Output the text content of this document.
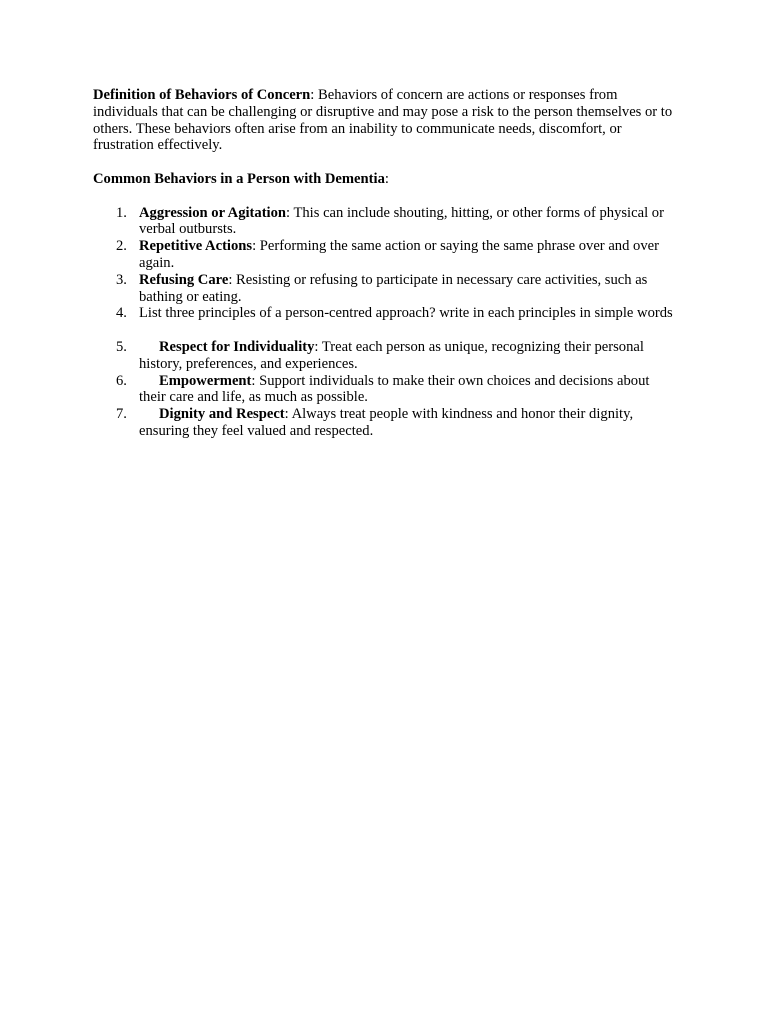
Definition of Behaviors of Concern: Behaviors of concern are actions or responses from individuals that can be challenging or disruptive and may pose a risk to the person themselves or to others. These behaviors often arise from an inability to communicate needs, discomfort, or frustration effectively.

Common Behaviors in a Person with Dementia:

1. Aggression or Agitation: This can include shouting, hitting, or other forms of physical or verbal outbursts.
2. Repetitive Actions: Performing the same action or saying the same phrase over and over again.
3. Refusing Care: Resisting or refusing to participate in necessary care activities, such as bathing or eating.
4. List three principles of a person-centred approach? write in each principles in simple words
5.	Respect for Individuality: Treat each person as unique, recognizing their personal history, preferences, and experiences.
6.	Empowerment: Support individuals to make their own choices and decisions about their care and life, as much as possible.
7.	Dignity and Respect: Always treat people with kindness and honor their dignity, ensuring they feel valued and respected.
